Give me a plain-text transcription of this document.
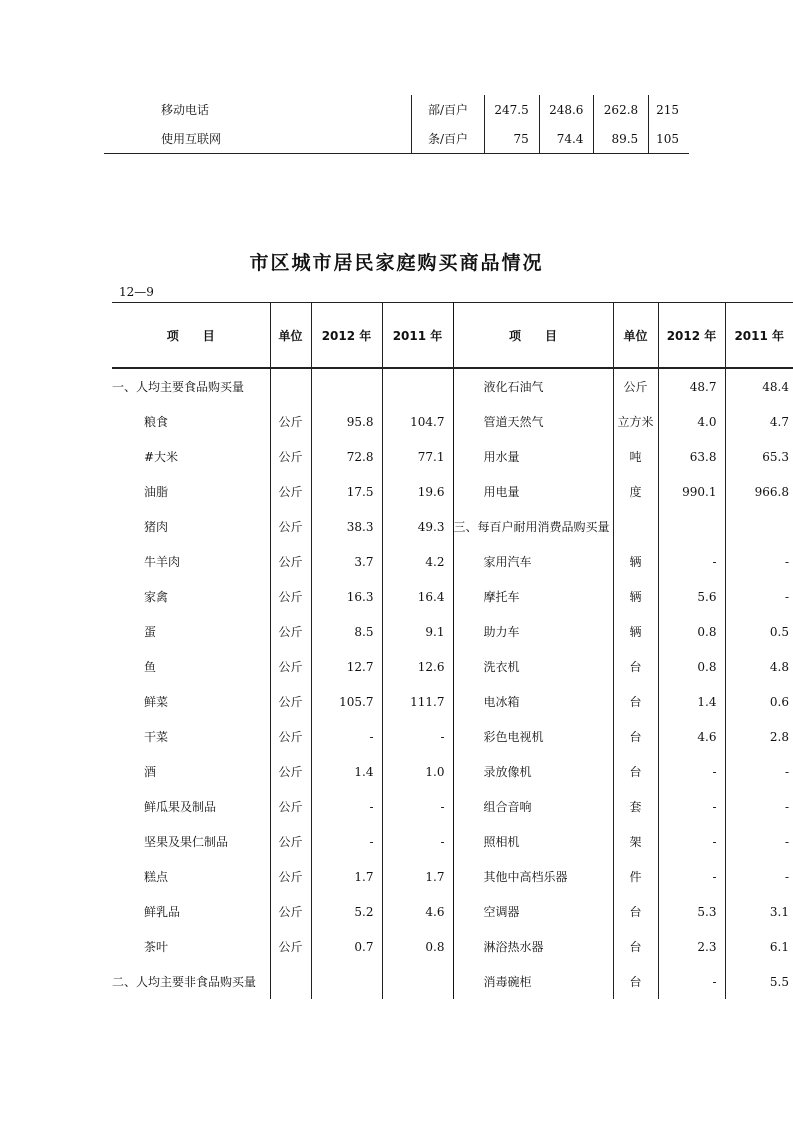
移动电话	部/百户	247.5	248.6	262.8	215
使用互联网	条/百户	75	74.4	89.5	105
市区城市居民家庭购买商品情况
12—9
项　　目	单位	2012 年	2011 年	项　　目	单位	2012 年	2011 年
一、人均主要食品购买量				液化石油气	公斤	48.7	48.4
粮食	公斤	95.8	104.7	管道天然气	立方米	4.0	4.7
#大米	公斤	72.8	77.1	用水量	吨	63.8	65.3
油脂	公斤	17.5	19.6	用电量	度	990.1	966.8
猪肉	公斤	38.3	49.3	三、每百户耐用消费品购买量			
牛羊肉	公斤	3.7	4.2	家用汽车	辆	-	-
家禽	公斤	16.3	16.4	摩托车	辆	5.6	-
蛋	公斤	8.5	9.1	助力车	辆	0.8	0.5
鱼	公斤	12.7	12.6	洗衣机	台	0.8	4.8
鲜菜	公斤	105.7	111.7	电冰箱	台	1.4	0.6
干菜	公斤	-	-	彩色电视机	台	4.6	2.8
酒	公斤	1.4	1.0	录放像机	台	-	-
鲜瓜果及制品	公斤	-	-	组合音响	套	-	-
坚果及果仁制品	公斤	-	-	照相机	架	-	-
糕点	公斤	1.7	1.7	其他中高档乐器	件	-	-
鲜乳品	公斤	5.2	4.6	空调器	台	5.3	3.1
茶叶	公斤	0.7	0.8	淋浴热水器	台	2.3	6.1
二、人均主要非食品购买量				消毒碗柜	台	-	5.5
